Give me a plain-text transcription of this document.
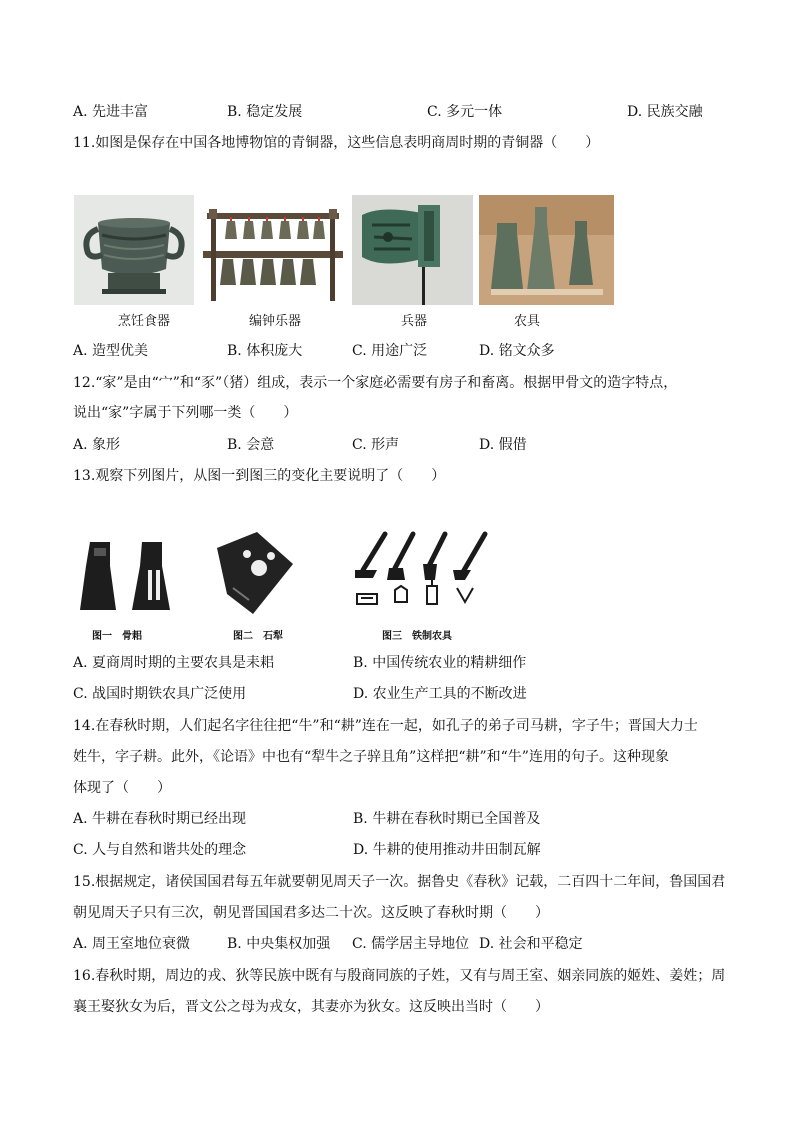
A. 先进丰富	B. 稳定发展	C. 多元一体	D. 民族交融
11.如图是保存在中国各地博物馆的青铜器，这些信息表明商周时期的青铜器（　　）
烹饪食器	编钟乐器	兵器	农具
A. 造型优美	B. 体积庞大	C. 用途广泛	D. 铭文众多
12.“家”是由“宀”和“豕”（猪）组成，表示一个家庭必需要有房子和畜离。根据甲骨文的造字特点，
说出“家”字属于下列哪一类（　　）
A. 象形	B. 会意	C. 形声	D. 假借
13.观察下列图片，从图一到图三的变化主要说明了（　　）
图一　骨耜	图二　石犁	图三　铁制农具
A. 夏商周时期的主要农具是耒耜	B. 中国传统农业的精耕细作
C. 战国时期铁农具广泛使用	D. 农业生产工具的不断改进
14.在春秋时期，人们起名字往往把“牛”和“耕”连在一起，如孔子的弟子司马耕，字子牛；晋国大力士
姓牛，字子耕。此外，《论语》中也有“犁牛之子骍且角”这样把“耕”和“牛”连用的句子。这种现象
体现了（　　）
A. 牛耕在春秋时期已经出现	B. 牛耕在春秋时期已全国普及
C. 人与自然和谐共处的理念	D. 牛耕的使用推动井田制瓦解
15.根据规定，诸侯国国君每五年就要朝见周天子一次。据鲁史《春秋》记载，二百四十二年间，鲁国国君
朝见周天子只有三次，朝见晋国国君多达二十次。这反映了春秋时期（　　）
A. 周王室地位衰微	B. 中央集权加强 C. 儒学居主导地位 D. 社会和平稳定
16.春秋时期，周边的戎、狄等民族中既有与殷商同族的子姓，又有与周王室、姻亲同族的姬姓、姜姓；周
襄王娶狄女为后，晋文公之母为戎女，其妻亦为狄女。这反映出当时（　　）
